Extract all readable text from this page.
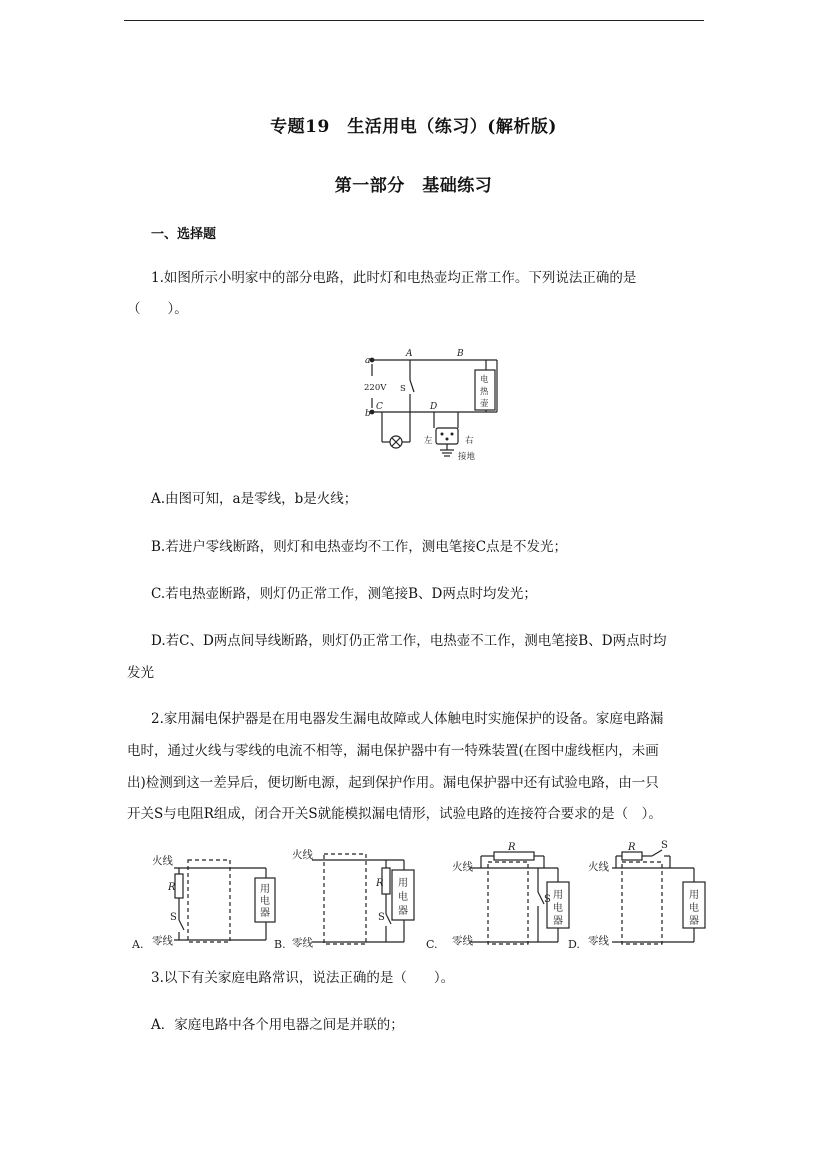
专题19　生活用电（练习）(解析版)
第一部分　基础练习
一、选择题
1.如图所示小明家中的部分电路，此时灯和电热壶均正常工作。下列说法正确的是
（　　）。
a
b
A	B
C	D
220V S
电
热
壶
左	右
接地
A.由图可知，a是零线，b是火线；
B.若进户零线断路，则灯和电热壶均不工作，测电笔接C点是不发光；
C.若电热壶断路，则灯仍正常工作，测笔接B、D两点时均发光；
D.若C、D两点间导线断路，则灯仍正常工作，电热壶不工作，测电笔接B、D两点时均
发光
2.家用漏电保护器是在用电器发生漏电故障或人体触电时实施保护的设备。家庭电路漏
电时，通过火线与零线的电流不相等，漏电保护器中有一特殊装置(在图中虚线框内，未画
出)检测到这一差异后，便切断电源，起到保护作用。漏电保护器中还有试验电路，由一只
开关S与电阻R组成，闭合开关S就能模拟漏电情形，试验电路的连接符合要求的是（　）。
火线
零线
火线
零线
火线
零线
火线
零线
R	R
R	R
S	S
S
S
用
电
器
用
电
器
用
电
器
用
电
器
A.	B.	C.	D.
3.以下有关家庭电路常识，说法正确的是（　　）。
A．家庭电路中各个用电器之间是并联的；
